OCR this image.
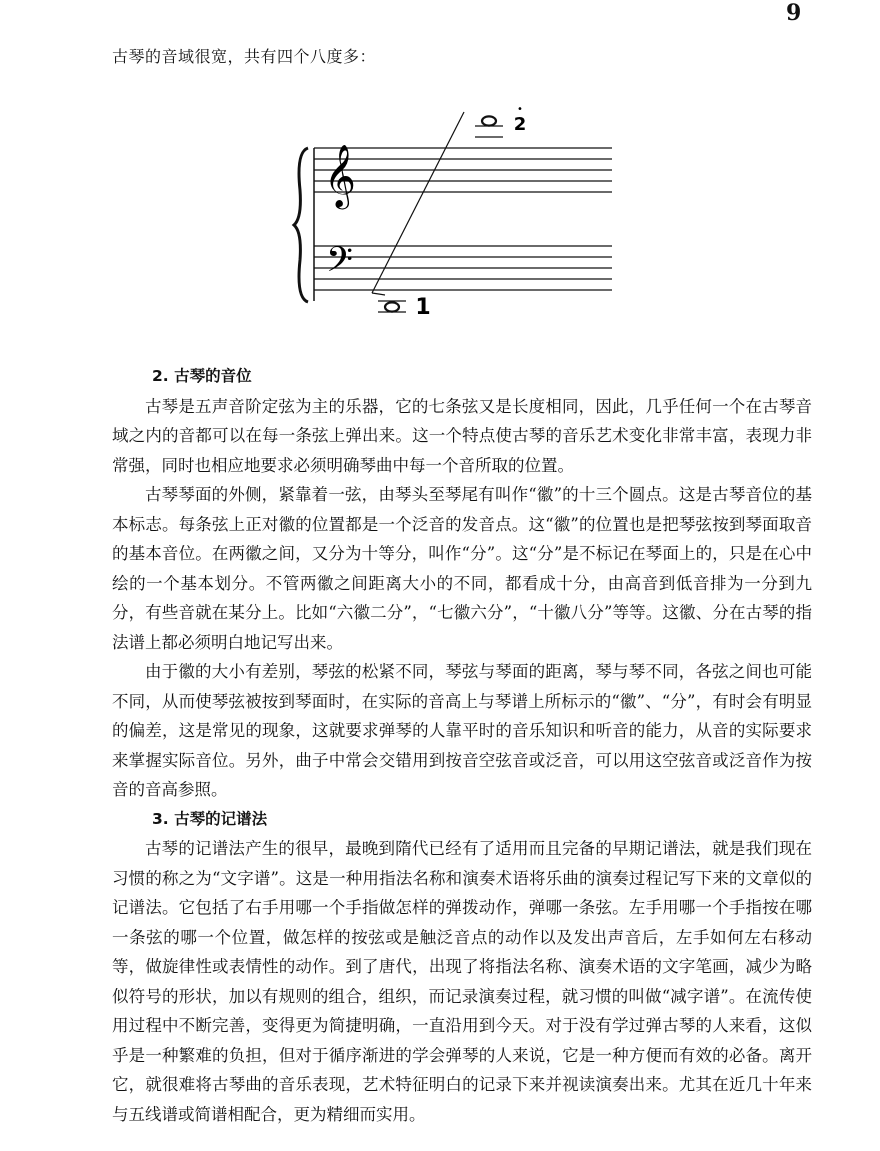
9
古琴的音域很宽，共有四个八度多：
𝄞
𝄢
•
2
1
2. 古琴的音位

古琴是五声音阶定弦为主的乐器，它的七条弦又是长度相同，因此，几乎任何一个在古琴音域之内的音都可以在每一条弦上弹出来。这一个特点使古琴的音乐艺术变化非常丰富，表现力非常强，同时也相应地要求必须明确琴曲中每一个音所取的位置。

古琴琴面的外侧，紧靠着一弦，由琴头至琴尾有叫作“徽”的十三个圆点。这是古琴音位的基本标志。每条弦上正对徽的位置都是一个泛音的发音点。这“徽”的位置也是把琴弦按到琴面取音的基本音位。在两徽之间，又分为十等分，叫作“分”。这“分”是不标记在琴面上的，只是在心中绘的一个基本划分。不管两徽之间距离大小的不同，都看成十分，由高音到低音排为一分到九分，有些音就在某分上。比如“六徽二分”，“七徽六分”，“十徽八分”等等。这徽、分在古琴的指法谱上都必须明白地记写出来。

由于徽的大小有差别，琴弦的松紧不同，琴弦与琴面的距离，琴与琴不同，各弦之间也可能不同，从而使琴弦被按到琴面时，在实际的音高上与琴谱上所标示的“徽”、“分”，有时会有明显的偏差，这是常见的现象，这就要求弹琴的人靠平时的音乐知识和听音的能力，从音的实际要求来掌握实际音位。另外，曲子中常会交错用到按音空弦音或泛音，可以用这空弦音或泛音作为按音的音高参照。

3. 古琴的记谱法

古琴的记谱法产生的很早，最晚到隋代已经有了适用而且完备的早期记谱法，就是我们现在习惯的称之为“文字谱”。这是一种用指法名称和演奏术语将乐曲的演奏过程记写下来的文章似的记谱法。它包括了右手用哪一个手指做怎样的弹拨动作，弹哪一条弦。左手用哪一个手指按在哪一条弦的哪一个位置，做怎样的按弦或是触泛音点的动作以及发出声音后，左手如何左右移动等，做旋律性或表情性的动作。到了唐代，出现了将指法名称、演奏术语的文字笔画，减少为略似符号的形状，加以有规则的组合，组织，而记录演奏过程，就习惯的叫做“减字谱”。在流传使用过程中不断完善，变得更为简捷明确，一直沿用到今天。对于没有学过弹古琴的人来看，这似乎是一种繁难的负担，但对于循序渐进的学会弹琴的人来说，它是一种方便而有效的必备。离开它，就很难将古琴曲的音乐表现，艺术特征明白的记录下来并视读演奏出来。尤其在近几十年来与五线谱或简谱相配合，更为精细而实用。
